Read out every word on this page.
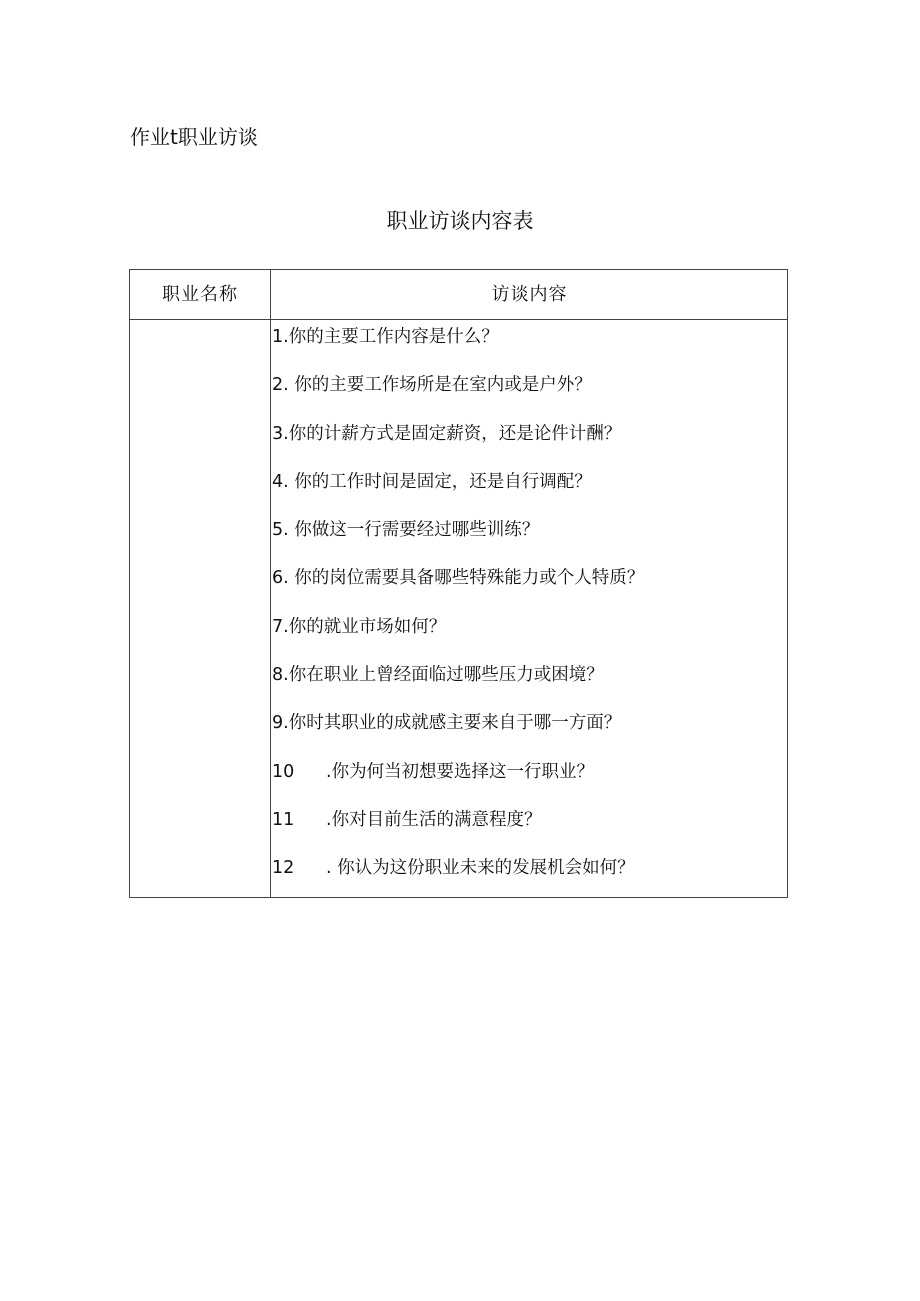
作业t职业访谈
职业访谈内容表
职业名称	访谈内容
1.你的主要工作内容是什么？
2. 你的主要工作场所是在室内或是户外？
3.你的计薪方式是固定薪资，还是论件计酬？
4. 你的工作时间是固定，还是自行调配？
5. 你做这一行需要经过哪些训练？
6. 你的岗位需要具备哪些特殊能力或个人特质？
7.你的就业市场如何？
8.你在职业上曾经面临过哪些压力或困境？
9.你时其职业的成就感主要来自于哪一方面？
10 .你为何当初想要选择这一行职业？
11 .你对目前生活的满意程度？
12 . 你认为这份职业未来的发展机会如何？
